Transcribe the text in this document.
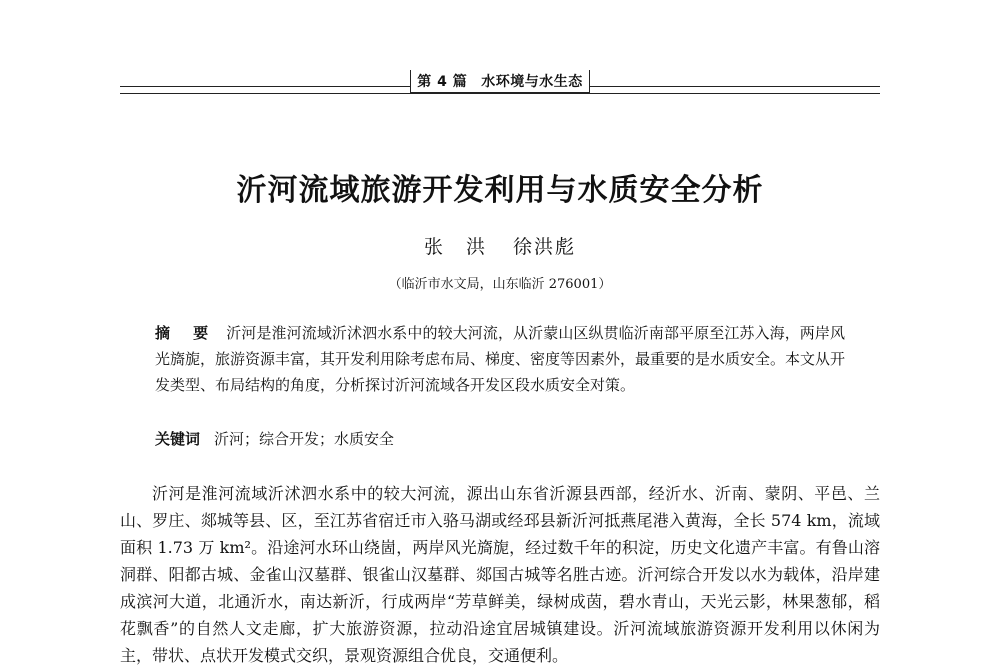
第 4 篇 水环境与水生态
沂河流域旅游开发利用与水质安全分析
张　洪 徐洪彪
（临沂市水文局，山东临沂 276001）
摘　要 沂河是淮河流域沂沭泗水系中的较大河流，从沂蒙山区纵贯临沂南部平原至江苏入海，两岸风光旖旎，旅游资源丰富，其开发利用除考虑布局、梯度、密度等因素外，最重要的是水质安全。本文从开发类型、布局结构的角度，分析探讨沂河流域各开发区段水质安全对策。
关键词 沂河；综合开发；水质安全
沂河是淮河流域沂沭泗水系中的较大河流，源出山东省沂源县西部，经沂水、沂南、蒙阴、平邑、兰山、罗庄、郯城等县、区，至江苏省宿迁市入骆马湖或经邳县新沂河抵燕尾港入黄海，全长 574 km，流域面积 1.73 万 km²。沿途河水环山绕崮，两岸风光旖旎，经过数千年的积淀，历史文化遗产丰富。有鲁山溶洞群、阳都古城、金雀山汉墓群、银雀山汉墓群、郯国古城等名胜古迹。沂河综合开发以水为载体，沿岸建成滨河大道，北通沂水，南达新沂，行成两岸“芳草鲜美，绿树成茵，碧水青山，天光云影，林果葱郁，稻花飘香”的自然人文走廊，扩大旅游资源，拉动沿途宜居城镇建设。沂河流域旅游资源开发利用以休闲为主，带状、点状开发模式交织，景观资源组合优良，交通便利。
